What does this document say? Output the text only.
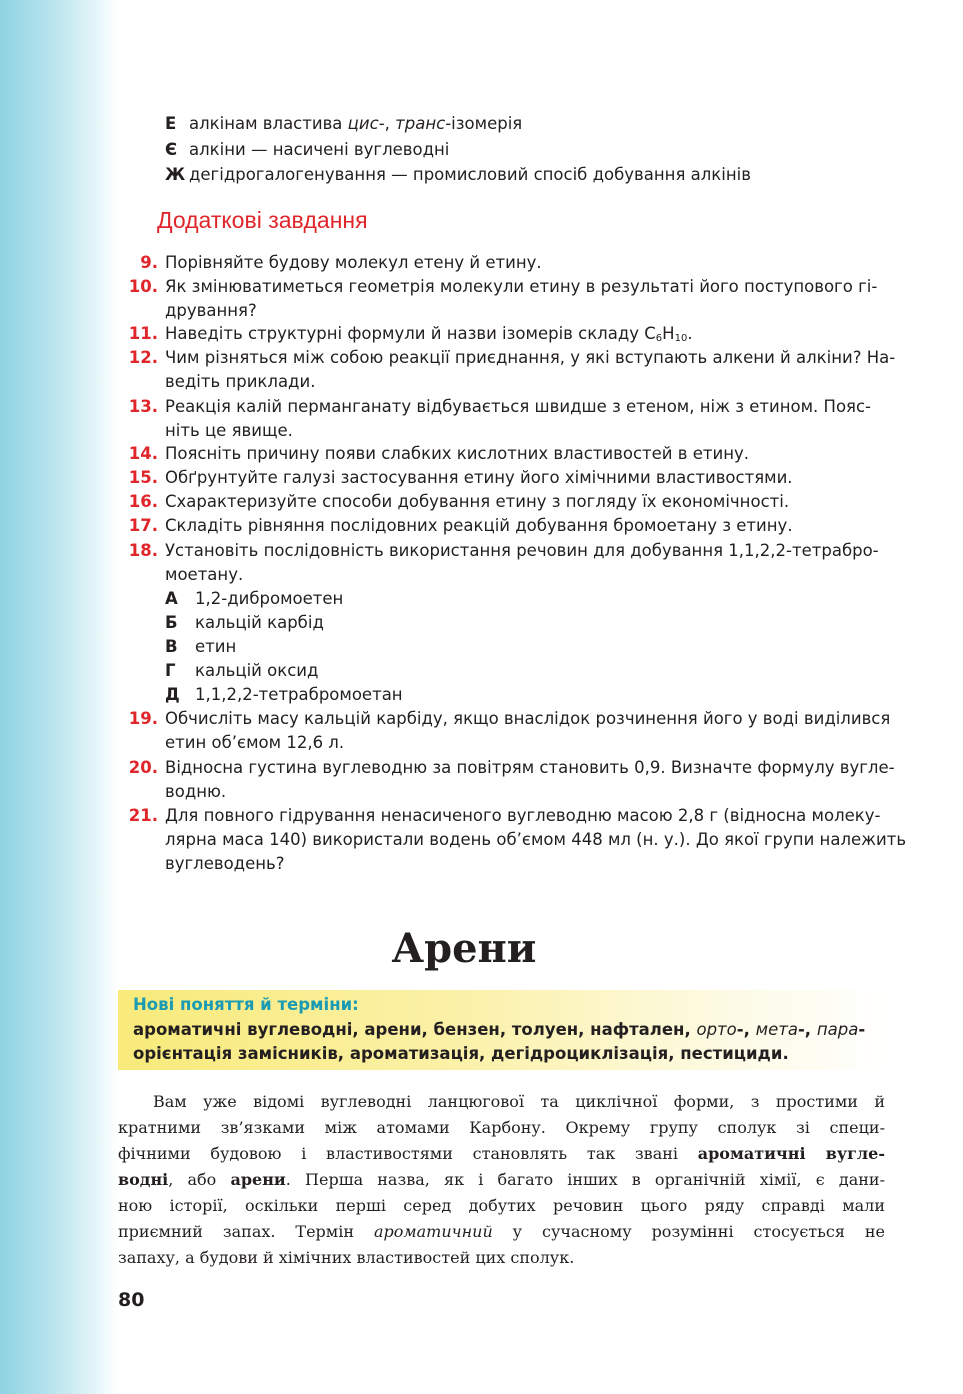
Е алкінам властива цис-, транс-ізомерія
Є алкіни — насичені вуглеводні
Ж дегідрогалогенування — промисловий спосіб добування алкінів
Додаткові завдання
9. Порівняйте будову молекул етену й етину.
10. Як змінюватиметься геометрія молекули етину в результаті його поступового гі-
дрування?
11. Наведіть структурні формули й назви ізомерів складу $C_6H_{10}$.
12. Чим різняться між собою реакції приєднання, у які вступають алкени й алкіни? На-
ведіть приклади.
13. Реакція калій перманганату відбувається швидше з етеном, ніж з етином. Пояс-
ніть це явище.
14. Поясніть причину появи слабких кислотних властивостей в етину.
15. Обґрунтуйте галузі застосування етину його хімічними властивостями.
16. Схарактеризуйте способи добування етину з погляду їх економічності.
17. Складіть рівняння послідовних реакцій добування бромоетану з етину.
18. Установіть послідовність використання речовин для добування 1,1,2,2-тетрабро-
моетану.
А 1,2-дибромоетен
Б кальцій карбід
В етин
Г кальцій оксид
Д 1,1,2,2-тетрабромоетан
19. Обчисліть масу кальцій карбіду, якщо внаслідок розчинення його у воді виділився
етин об’ємом 12,6 л.
20. Відносна густина вуглеводню за повітрям становить 0,9. Визначте формулу вугле-
водню.
21. Для повного гідрування ненасиченого вуглеводню масою 2,8 г (відносна молеку-
лярна маса 140) використали водень об’ємом 448 мл (н. у.). До якої групи належить
вуглеводень?
Арени
Нові поняття й терміни:
ароматичні вуглеводні, арени, бензен, толуен, нафтален, орто-, мета-, пара-
орієнтація замісників, ароматизація, дегідроциклізація, пестициди.
Вам уже відомі вуглеводні ланцюгової та циклічної форми, з простими й
кратними зв’язками між атомами Карбону. Окрему групу сполук зі специ-
фічними будовою і властивостями становлять так звані ароматичні вугле-
водні, або арени. Перша назва, як і багато інших в органічній хімії, є дани-
ною історії, оскільки перші серед добутих речовин цього ряду справді мали
приємний запах. Термін ароматичний у сучасному розумінні стосується не
запаху, а будови й хімічних властивостей цих сполук.
80
